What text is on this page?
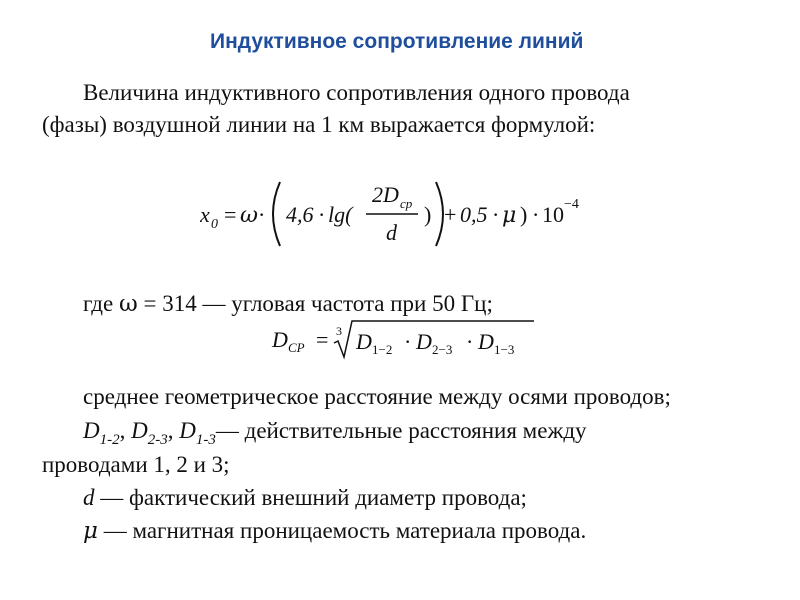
Индуктивное сопротивление линий
Величина индуктивного сопротивления одного провода
(фазы) воздушной линии на 1 км выражается формулой:
x 0 = ω · 4,6 · lg(
2D cp
d
) + 0,5 · μ ) · 10 −4
где ω = 314 — угловая частота при 50 Гц;
D CP = 3 D 1−2 · D 2−3 · D 1−3
среднее геометрическое расстояние между осями проводов;
$D_{1-2}$, $D_{2-3}$, $D_{1-3}—$ действительные расстояния между
проводами 1, 2 и 3;
d — фактический внешний диаметр провода;
μ — магнитная проницаемость материала провода.
